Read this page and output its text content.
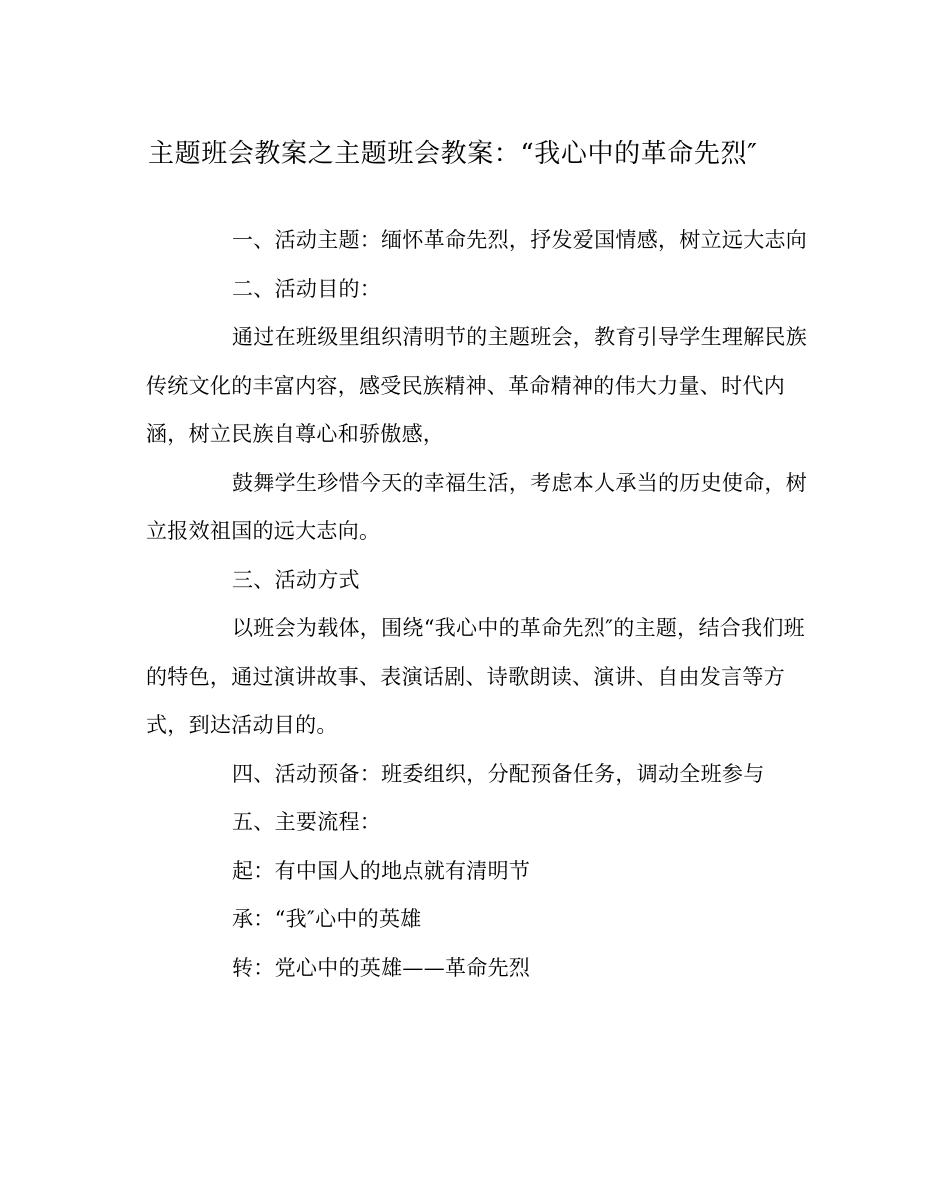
主题班会教案之主题班会教案：“我心中的革命先烈″

一、活动主题：缅怀革命先烈，抒发爱国情感，树立远大志向

二、活动目的：

通过在班级里组织清明节的主题班会，教育引导学生理解民族传统文化的丰富内容，感受民族精神、革命精神的伟大力量、时代内涵，树立民族自尊心和骄傲感，

鼓舞学生珍惜今天的幸福生活，考虑本人承当的历史使命，树立报效祖国的远大志向。

三、活动方式

以班会为载体，围绕“我心中的革命先烈″的主题，结合我们班的特色，通过演讲故事、表演话剧、诗歌朗读、演讲、自由发言等方式，到达活动目的。

四、活动预备：班委组织，分配预备任务，调动全班参与

五、主要流程：

起：有中国人的地点就有清明节

承：“我″心中的英雄

转：党心中的英雄——革命先烈
